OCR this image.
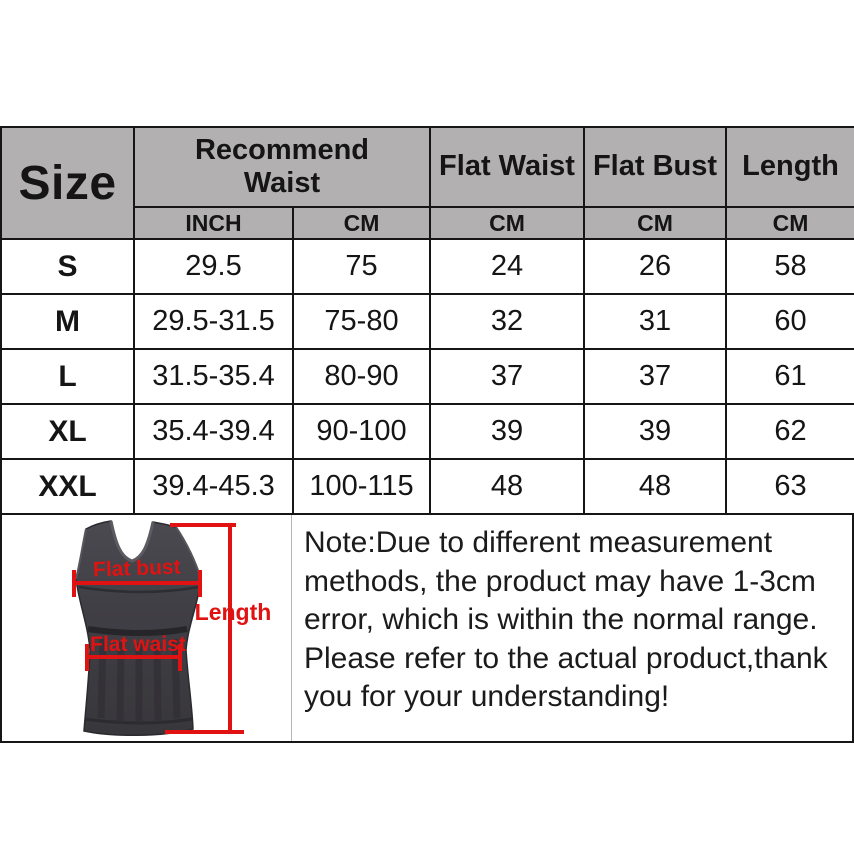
Size	Recommend Waist		Flat Waist	Flat Bust	Length
	INCH	CM	CM	CM	CM
S	29.5	75	24	26	58
M	29.5-31.5	75-80	32	31	60
L	31.5-35.4	80-90	37	37	61
XL	35.4-39.4	90-100	39	39	62
XXL	39.4-45.3	100-115	48	48	63
Flat bust
Flat waist
Length
Note:Due to different measurement
methods, the product may have 1-3cm
error, which is within the normal range.
Please refer to the actual product,thank
you for your understanding!
